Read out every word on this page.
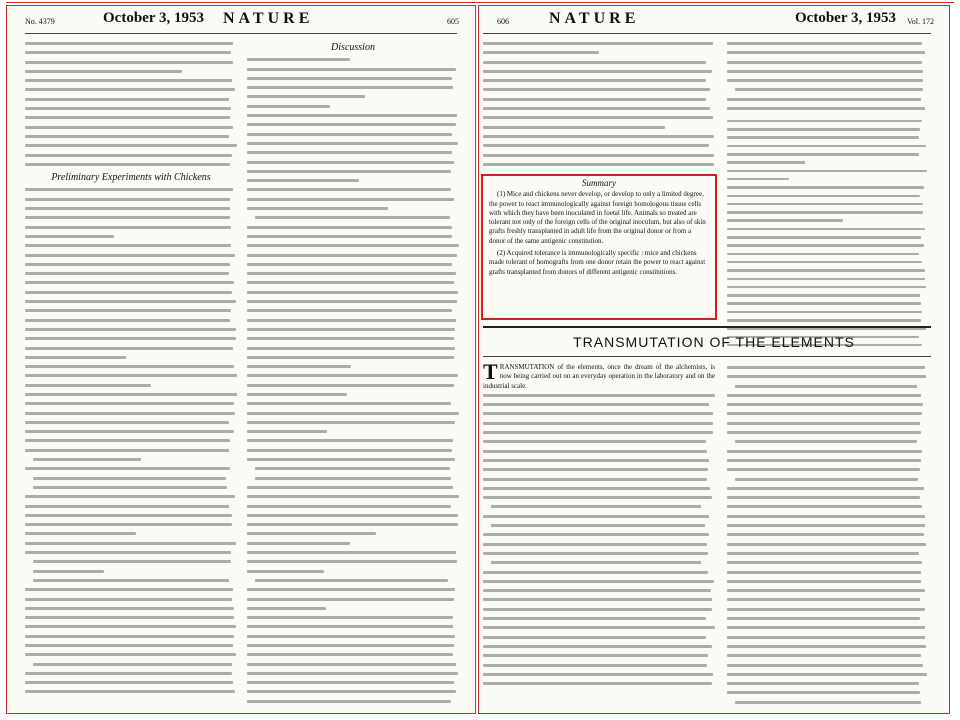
No. 4379	October 3, 1953 NATURE	605
Preliminary Experiments with Chickens
Discussion
606	NATURE	October 3, 1953 Vol. 172
Summary
(1) Mice and chickens never develop, or develop to only a limited degree, the power to react immunologically against foreign homologous tissue cells with which they have been inoculated in foetal life. Animals so treated are tolerant not only of the foreign cells of the original inoculum, but also of skin grafts freshly transplanted in adult life from the original donor or from a donor of the same antigenic constitution.
(2) Acquired tolerance is immunologically specific : mice and chickens made tolerant of homografts from one donor retain the power to react against grafts transplanted from donors of different antigenic constitutions.
TRANSMUTATION OF THE ELEMENTS
T RANSMUTATION of the elements, once the dream of the alchemists, is now being carried out on an everyday operation in the laboratory and on the industrial scale.
